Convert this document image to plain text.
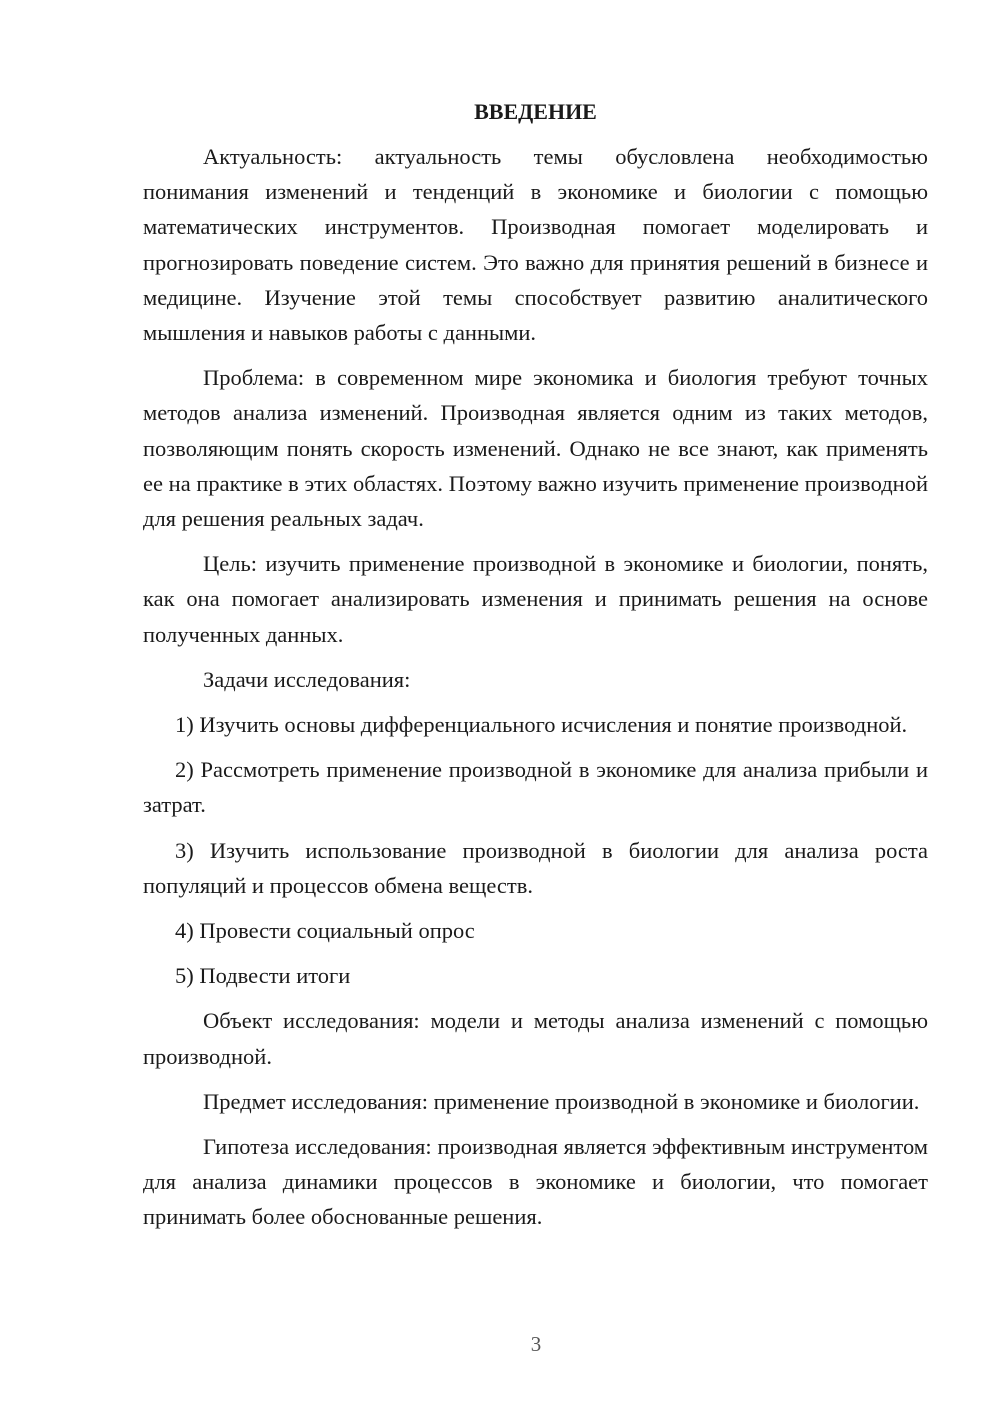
ВВЕДЕНИЕ

Актуальность: актуальность темы обусловлена необходимостью понимания изменений и тенденций в экономике и биологии с помощью математических инструментов. Производная помогает моделировать и прогнозировать поведение систем. Это важно для принятия решений в бизнесе и медицине. Изучение этой темы способствует развитию аналитического мышления и навыков работы с данными.

Проблема: в современном мире экономика и биология требуют точных методов анализа изменений. Производная является одним из таких методов, позволяющим понять скорость изменений. Однако не все знают, как применять ее на практике в этих областях. Поэтому важно изучить применение производной для решения реальных задач.

Цель: изучить применение производной в экономике и биологии, понять, как она помогает анализировать изменения и принимать решения на основе полученных данных.

Задачи исследования:

1) Изучить основы дифференциального исчисления и понятие производной.

2) Рассмотреть применение производной в экономике для анализа прибыли и затрат.

3) Изучить использование производной в биологии для анализа роста популяций и процессов обмена веществ.

4) Провести социальный опрос

5) Подвести итоги

Объект исследования: модели и методы анализа изменений с помощью производной.

Предмет исследования: применение производной в экономике и биологии.

Гипотеза исследования: производная является эффективным инструментом для анализа динамики процессов в экономике и биологии, что помогает принимать более обоснованные решения.

3
